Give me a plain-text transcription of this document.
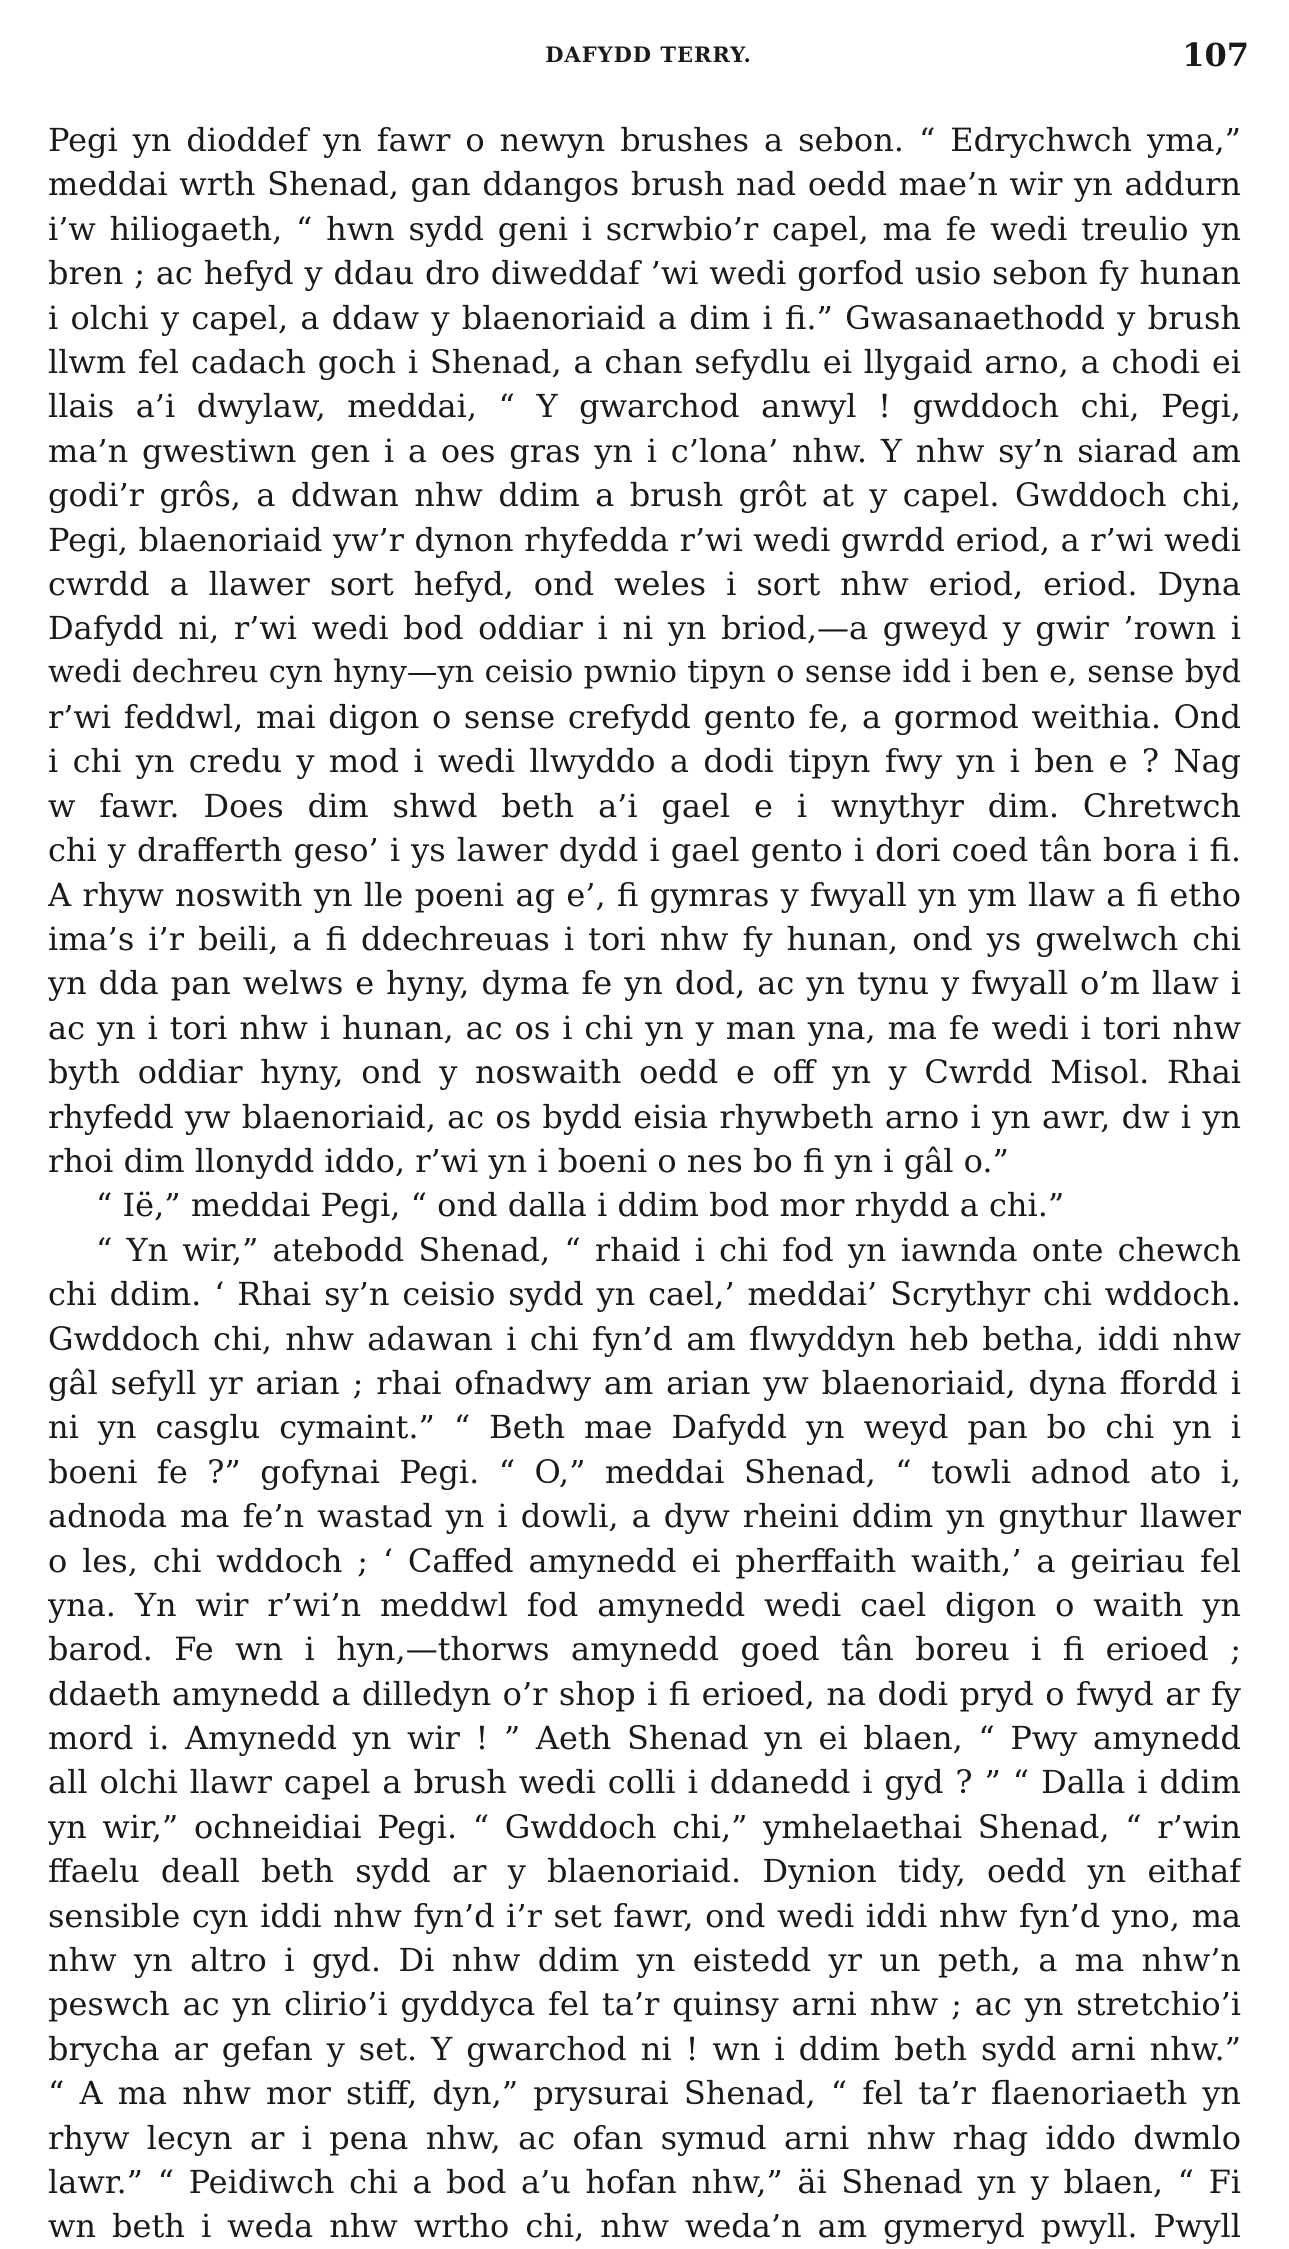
DAFYDD TERRY.	107
Pegi yn dioddef yn fawr o newyn brushes a sebon. “ Edrychwch yma,”
meddai wrth Shenad, gan ddangos brush nad oedd mae’n wir yn addurn
i’w hiliogaeth, “ hwn sydd geni i scrwbio’r capel, ma fe wedi treulio yn
bren ; ac hefyd y ddau dro diweddaf ’wi wedi gorfod usio sebon fy hunan
i olchi y capel, a ddaw y blaenoriaid a dim i fi.” Gwasanaethodd y brush
llwm fel cadach goch i Shenad, a chan sefydlu ei llygaid arno, a chodi ei
llais a’i dwylaw, meddai, “ Y gwarchod anwyl ! gwddoch chi, Pegi,
ma’n gwestiwn gen i a oes gras yn i c’lona’ nhw. Y nhw sy’n siarad am
godi’r grôs, a ddwan nhw ddim a brush grôt at y capel. Gwddoch chi,
Pegi, blaenoriaid yw’r dynon rhyfedda r’wi wedi gwrdd eriod, a r’wi wedi
cwrdd a llawer sort hefyd, ond weles i sort nhw eriod, eriod. Dyna
Dafydd ni, r’wi wedi bod oddiar i ni yn briod,—a gweyd y gwir ’rown i
wedi dechreu cyn hyny—yn ceisio pwnio tipyn o sense idd i ben e, sense byd
r’wi feddwl, mai digon o sense crefydd gento fe, a gormod weithia. Ond
i chi yn credu y mod i wedi llwyddo a dodi tipyn fwy yn i ben e ? Nag
w fawr. Does dim shwd beth a’i gael e i wnythyr dim. Chretwch
chi y drafferth geso’ i ys lawer dydd i gael gento i dori coed tân bora i fi.
A rhyw noswith yn lle poeni ag e’, fi gymras y fwyall yn ym llaw a fi etho
ima’s i’r beili, a fi ddechreuas i tori nhw fy hunan, ond ys gwelwch chi
yn dda pan welws e hyny, dyma fe yn dod, ac yn tynu y fwyall o’m llaw i
ac yn i tori nhw i hunan, ac os i chi yn y man yna, ma fe wedi i tori nhw
byth oddiar hyny, ond y noswaith oedd e off yn y Cwrdd Misol. Rhai
rhyfedd yw blaenoriaid, ac os bydd eisia rhywbeth arno i yn awr, dw i yn
rhoi dim llonydd iddo, r’wi yn i boeni o nes bo fi yn i gâl o.”
“ Ië,” meddai Pegi, “ ond dalla i ddim bod mor rhydd a chi.”
“ Yn wir,” atebodd Shenad, “ rhaid i chi fod yn iawnda onte chewch
chi ddim. ‘ Rhai sy’n ceisio sydd yn cael,’ meddai’ Scrythyr chi wddoch.
Gwddoch chi, nhw adawan i chi fyn’d am flwyddyn heb betha, iddi nhw
gâl sefyll yr arian ; rhai ofnadwy am arian yw blaenoriaid, dyna ffordd i
ni yn casglu cymaint.” “ Beth mae Dafydd yn weyd pan bo chi yn i
boeni fe ?” gofynai Pegi. “ O,” meddai Shenad, “ towli adnod ato i,
adnoda ma fe’n wastad yn i dowli, a dyw rheini ddim yn gnythur llawer
o les, chi wddoch ; ‘ Caffed amynedd ei pherffaith waith,’ a geiriau fel
yna. Yn wir r’wi’n meddwl fod amynedd wedi cael digon o waith yn
barod. Fe wn i hyn,—thorws amynedd goed tân boreu i fi erioed ;
ddaeth amynedd a dilledyn o’r shop i fi erioed, na dodi pryd o fwyd ar fy
mord i. Amynedd yn wir ! ” Aeth Shenad yn ei blaen, “ Pwy amynedd
all olchi llawr capel a brush wedi colli i ddanedd i gyd ? ” “ Dalla i ddim
yn wir,” ochneidiai Pegi. “ Gwddoch chi,” ymhelaethai Shenad, “ r’win
ffaelu deall beth sydd ar y blaenoriaid. Dynion tidy, oedd yn eithaf
sensible cyn iddi nhw fyn’d i’r set fawr, ond wedi iddi nhw fyn’d yno, ma
nhw yn altro i gyd. Di nhw ddim yn eistedd yr un peth, a ma nhw’n
peswch ac yn clirio’i gyddyca fel ta’r quinsy arni nhw ; ac yn stretchio’i
brycha ar gefan y set. Y gwarchod ni ! wn i ddim beth sydd arni nhw.”
“ A ma nhw mor stiff, dyn,” prysurai Shenad, “ fel ta’r flaenoriaeth yn
rhyw lecyn ar i pena nhw, ac ofan symud arni nhw rhag iddo dwmlo
lawr.” “ Peidiwch chi a bod a’u hofan nhw,” äi Shenad yn y blaen, “ Fi
wn beth i weda nhw wrtho chi, nhw weda’n am gymeryd pwyll. Pwyll
